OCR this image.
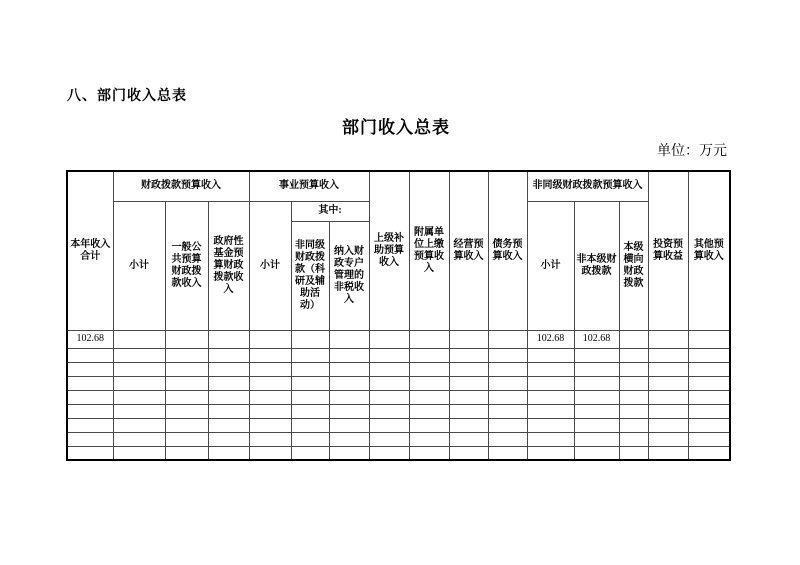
八、部门收入总表
部门收入总表
单位：万元
本年收入合计	财政拨款预算收入			事业预算收入			上级补助预算收入	附属单位上缴预算收入	经营预算收入	债务预算收入	非同级财政拨款预算收入			投资预算收益	其他预算收入
	小计	一般公共预算财政拨款收入	政府性基金预算财政拨款收入	小计	其中:						小计	非本级财政拨款	本级横向财政拨款		
					非同级财政拨款（科研及辅助活动）	纳入财政专户管理的非税收入									
102.68											102.68	102.68			
